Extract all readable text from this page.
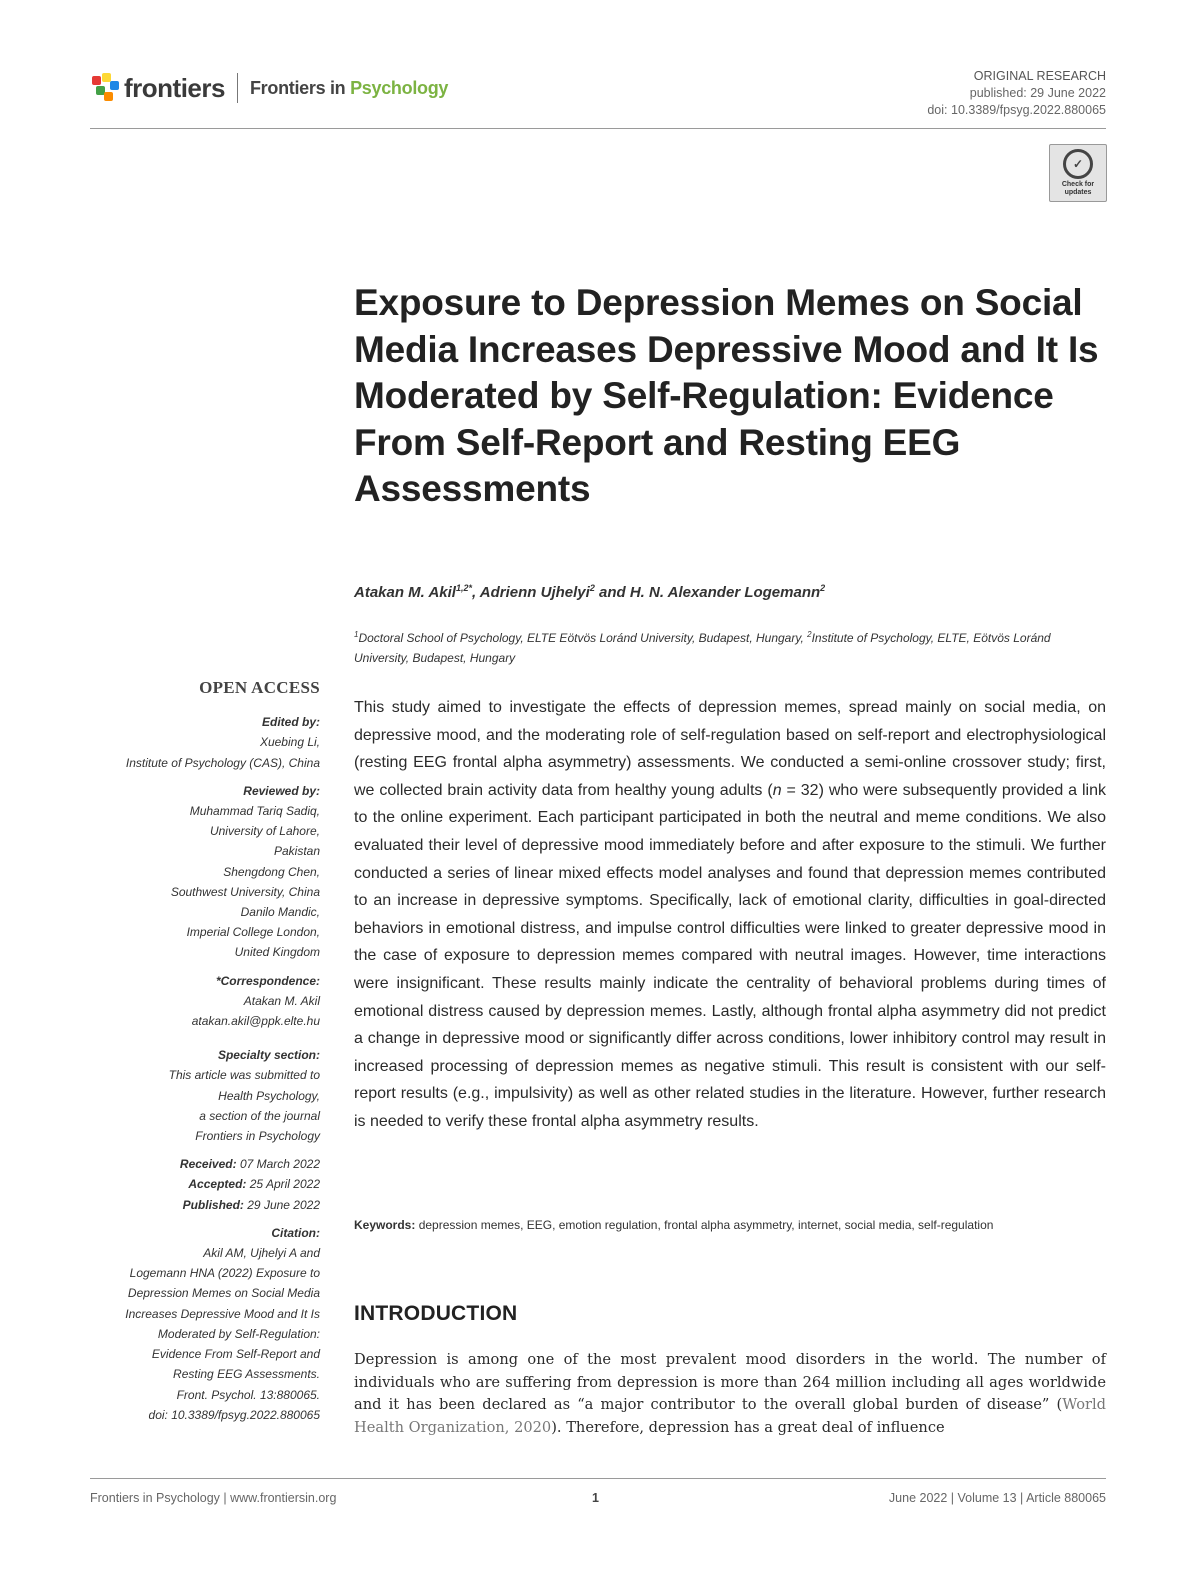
frontiers Frontiers in Psychology
ORIGINAL RESEARCH
published: 29 June 2022
doi: 10.3389/fpsyg.2022.880065
✓
Check for
updates
Exposure to Depression Memes on Social Media Increases Depressive Mood and It Is Moderated by Self-Regulation: Evidence From Self-Report and Resting EEG Assessments
Atakan M. Akil$^{1,2*}$, Adrienn Ujhelyi$^2$ and H. N. Alexander Logemann$^2$
$^1$Doctoral School of Psychology, ELTE Eötvös Loránd University, Budapest, Hungary, $^2$Institute of Psychology, ELTE, Eötvös Loránd University, Budapest, Hungary
OPEN ACCESS
Edited by:
Xuebing Li,
Institute of Psychology (CAS), China
Reviewed by:
Muhammad Tariq Sadiq,
University of Lahore,
Pakistan
Shengdong Chen,
Southwest University, China
Danilo Mandic,
Imperial College London,
United Kingdom
*Correspondence:
Atakan M. Akil
atakan.akil@ppk.elte.hu
Specialty section:
This article was submitted to
Health Psychology,
a section of the journal
Frontiers in Psychology
Received: 07 March 2022
Accepted: 25 April 2022
Published: 29 June 2022
Citation:
Akil AM, Ujhelyi A and
Logemann HNA (2022) Exposure to
Depression Memes on Social Media
Increases Depressive Mood and It Is
Moderated by Self-Regulation:
Evidence From Self-Report and
Resting EEG Assessments.
Front. Psychol. 13:880065.
doi: 10.3389/fpsyg.2022.880065

This study aimed to investigate the effects of depression memes, spread mainly on social media, on depressive mood, and the moderating role of self-regulation based on self-report and electrophysiological (resting EEG frontal alpha asymmetry) assessments. We conducted a semi-online crossover study; first, we collected brain activity data from healthy young adults (n = 32) who were subsequently provided a link to the online experiment. Each participant participated in both the neutral and meme conditions. We also evaluated their level of depressive mood immediately before and after exposure to the stimuli. We further conducted a series of linear mixed effects model analyses and found that depression memes contributed to an increase in depressive symptoms. Specifically, lack of emotional clarity, difficulties in goal-directed behaviors in emotional distress, and impulse control difficulties were linked to greater depressive mood in the case of exposure to depression memes compared with neutral images. However, time interactions were insignificant. These results mainly indicate the centrality of behavioral problems during times of emotional distress caused by depression memes. Lastly, although frontal alpha asymmetry did not predict a change in depressive mood or significantly differ across conditions, lower inhibitory control may result in increased processing of depression memes as negative stimuli. This result is consistent with our self-report results (e.g., impulsivity) as well as other related studies in the literature. However, further research is needed to verify these frontal alpha asymmetry results.

Keywords: depression memes, EEG, emotion regulation, frontal alpha asymmetry, internet, social media, self-regulation
INTRODUCTION

Depression is among one of the most prevalent mood disorders in the world. The number of individuals who are suffering from depression is more than 264 million including all ages worldwide and it has been declared as “a major contributor to the overall global burden of disease” (World Health Organization, 2020). Therefore, depression has a great deal of influence

Frontiers in Psychology | www.frontiersin.org	1	June 2022 | Volume 13 | Article 880065
